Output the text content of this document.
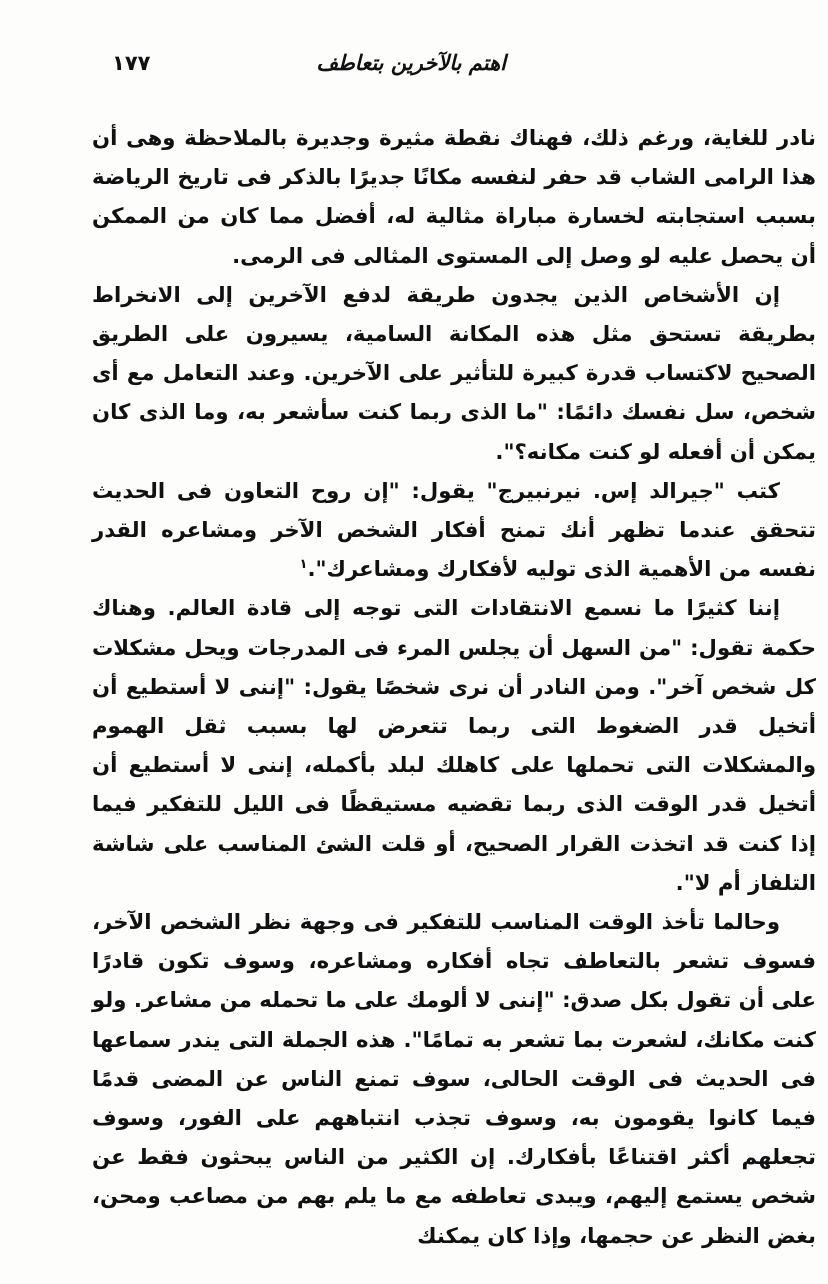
اهتم بالآخرين بتعاطف
١٧٧

نادر للغاية، ورغم ذلك، فهناك نقطة مثيرة وجديرة بالملاحظة وهى أن هذا الرامى الشاب قد حفر لنفسه مكانًا جديرًا بالذكر فى تاريخ الرياضة بسبب استجابته لخسارة مباراة مثالية له، أفضل مما كان من الممكن أن يحصل عليه لو وصل إلى المستوى المثالى فى الرمى.

إن الأشخاص الذين يجدون طريقة لدفع الآخرين إلى الانخراط بطريقة تستحق مثل هذه المكانة السامية، يسيرون على الطريق الصحيح لاكتساب قدرة كبيرة للتأثير على الآخرين. وعند التعامل مع أى شخص، سل نفسك دائمًا: "ما الذى ربما كنت سأشعر به، وما الذى كان يمكن أن أفعله لو كنت مكانه؟".

كتب "جيرالد إس. نيرنبيرج" يقول: "إن روح التعاون فى الحديث تتحقق عندما تظهر أنك تمنح أفكار الشخص الآخر ومشاعره القدر نفسه من الأهمية الذى توليه لأفكارك ومشاعرك".$^١$

إننا كثيرًا ما نسمع الانتقادات التى توجه إلى قادة العالم. وهناك حكمة تقول: "من السهل أن يجلس المرء فى المدرجات ويحل مشكلات كل شخص آخر". ومن النادر أن نرى شخصًا يقول: "إننى لا أستطيع أن أتخيل قدر الضغوط التى ربما تتعرض لها بسبب ثقل الهموم والمشكلات التى تحملها على كاهلك لبلد بأكمله، إننى لا أستطيع أن أتخيل قدر الوقت الذى ربما تقضيه مستيقظًا فى الليل للتفكير فيما إذا كنت قد اتخذت القرار الصحيح، أو قلت الشئ المناسب على شاشة التلفاز أم لا".

وحالما تأخذ الوقت المناسب للتفكير فى وجهة نظر الشخص الآخر، فسوف تشعر بالتعاطف تجاه أفكاره ومشاعره، وسوف تكون قادرًا على أن تقول بكل صدق: "إننى لا ألومك على ما تحمله من مشاعر. ولو كنت مكانك، لشعرت بما تشعر به تمامًا". هذه الجملة التى يندر سماعها فى الحديث فى الوقت الحالى، سوف تمنع الناس عن المضى قدمًا فيما كانوا يقومون به، وسوف تجذب انتباههم على الفور، وسوف تجعلهم أكثر اقتناعًا بأفكارك. إن الكثير من الناس يبحثون فقط عن شخص يستمع إليهم، ويبدى تعاطفه مع ما يلم بهم من مصاعب ومحن، بغض النظر عن حجمها، وإذا كان يمكنك
